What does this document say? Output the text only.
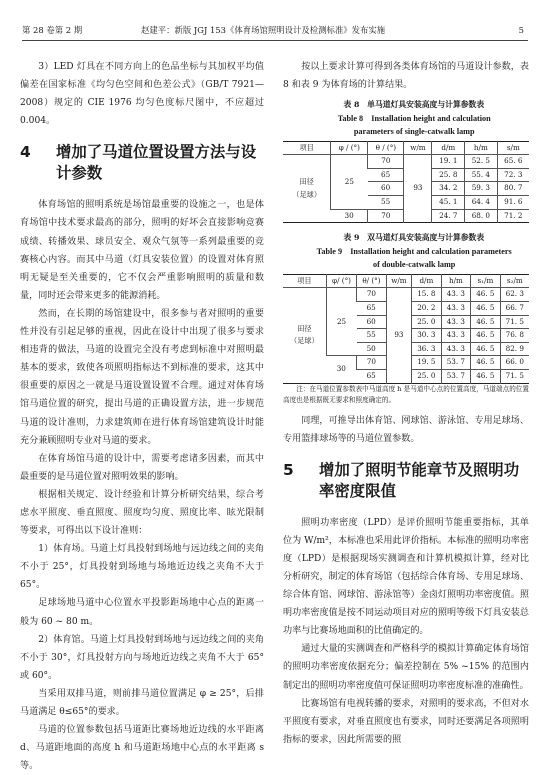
第 28 卷第 2 期	赵建平：新版 JGJ 153《体育场馆照明设计及检测标准》发布实施	5

3）LED 灯具在不同方向上的色品坐标与其加权平均值偏差在国家标准《均匀色空间和色差公式》（GB/T 7921—2008）规定的 CIE 1976 均匀色度标尺图中，不应超过 0.004。

4 增加了马道位置设置方法与设计参数

体育场馆的照明系统是场馆最重要的设施之一，也是体育场馆中技术要求最高的部分，照明的好坏会直接影响竞赛成绩、转播效果、球员安全、观众气氛等一系列最重要的竞赛核心内容。而其中马道（灯具安装位置）的设置对体育照明无疑是至关重要的，它不仅会严重影响照明的质量和数量，同时还会带来更多的能源消耗。

然而，在长期的场馆建设中，很多参与者对照明的重要性并没有引起足够的重视，因此在设计中出现了很多与要求相违背的做法，马道的设置完全没有考虑到标准中对照明最基本的要求，致使各项照明指标达不到标准的要求，这其中很重要的原因之一就是马道设置设置不合理。通过对体育场馆马道位置的研究，提出马道的正确设置方法，进一步规范马道的设计准则，力求建筑师在进行体育场馆建筑设计时能充分兼顾照明专业对马道的要求。

在体育场馆马道的设计中，需要考虑诸多因素，而其中最重要的是马道位置对照明效果的影响。

根据相关规定、设计经验和计算分析研究结果，综合考虑水平照度、垂直照度、照度均匀度、照度比率、眩光限制等要求，可得出以下设计准则：

1）体育场。马道上灯具投射到场地与远边线之间的夹角不小于 25°，灯具投射到场地与场地近边线之夹角不大于 65°。

足球场地马道中心位置水平投影距场地中心点的距离一般为 60 ~ 80 m。

2）体育馆。马道上灯具投射到场地与远边线之间的夹角不小于 30°，灯具投射方向与场地近边线之夹角不大于 65°或 60°。

当采用双排马道，则前排马道位置满足 φ ≥ 25°，后排马道满足 θ≤65°的要求。

马道的位置参数包括马道距比赛场地近边线的水平距离 d、马道距地面的高度 h 和马道距场地中心点的水平距离 s 等。

按以上要求计算可得到各类体育场馆的马道设计参数，表 8 和表 9 为体育场的计算结果。

表 8　单马道灯具安装高度与计算参数表

Table 8　Installation height and calculation

parameters of single-catwalk lamp

项目	φ / (°)	θ / (°)	w/m	d/m	h/m	s/m
田径
（足球）	25	70	93	19. 1	52. 5	65. 6
		65		25. 8	55. 4	72. 3
		60		34. 2	59. 3	80. 7
		55		45. 1	64. 4	91. 6
	30	70		24. 7	68. 0	71. 2

表 9　双马道灯具安装高度与计算参数表

Table 9　Installation height and calculation parameters

of double-catwalk lamp

项目	φ/ (°)	θ/ (°)	w/m	d/m	h/m	s₁/m	s₂/m
田径
（足球）	25	70	93	15. 8	43. 3	46. 5	62. 3
		65		20. 2	43. 3	46. 5	66. 7
		60		25. 0	43. 3	46. 5	71. 5
		55		30. 3	43. 3	46. 5	76. 8
		50		36. 3	43. 3	46. 5	82. 9
	30	70		19. 5	53. 7	46. 5	66. 0
		65		25. 0	53. 7	46. 5	71. 5

注：在马道位置参数表中马道高度 h 是马道中心点的位置高度，马道端点的位置高度也是根据既无要求和照度确定的。

同理，可推导出体育馆、网球馆、游泳馆、专用足球场、专用篮排球场等的马道位置参数。

5 增加了照明节能章节及照明功率密度限值

照明功率密度（LPD）是评价照明节能重要指标，其单位为 W/m²，本标准也采用此评价指标。本标准的照明功率密度（LPD）是根据现场实测调查和计算机模拟计算，经对比分析研究，制定的体育场馆（包括综合体育场、专用足球场、综合体育馆、网球馆、游泳馆等）金卤灯照明功率密度值。照明功率密度值是按不同运动项目对应的照明等级下灯具安装总功率与比赛场地面积的比值确定的。

通过大量的实测调查和严格科学的模拟计算确定体育场馆的照明功率密度依据充分；偏差控制在 5% ~15% 的范围内制定出的照明功率密度值可保证照明功率密度标准的准确性。

比赛场馆有电视转播的要求，对照明的要求高，不但对水平照度有要求，对垂直照度也有要求，同时还要满足各项照明指标的要求，因此所需要的照
